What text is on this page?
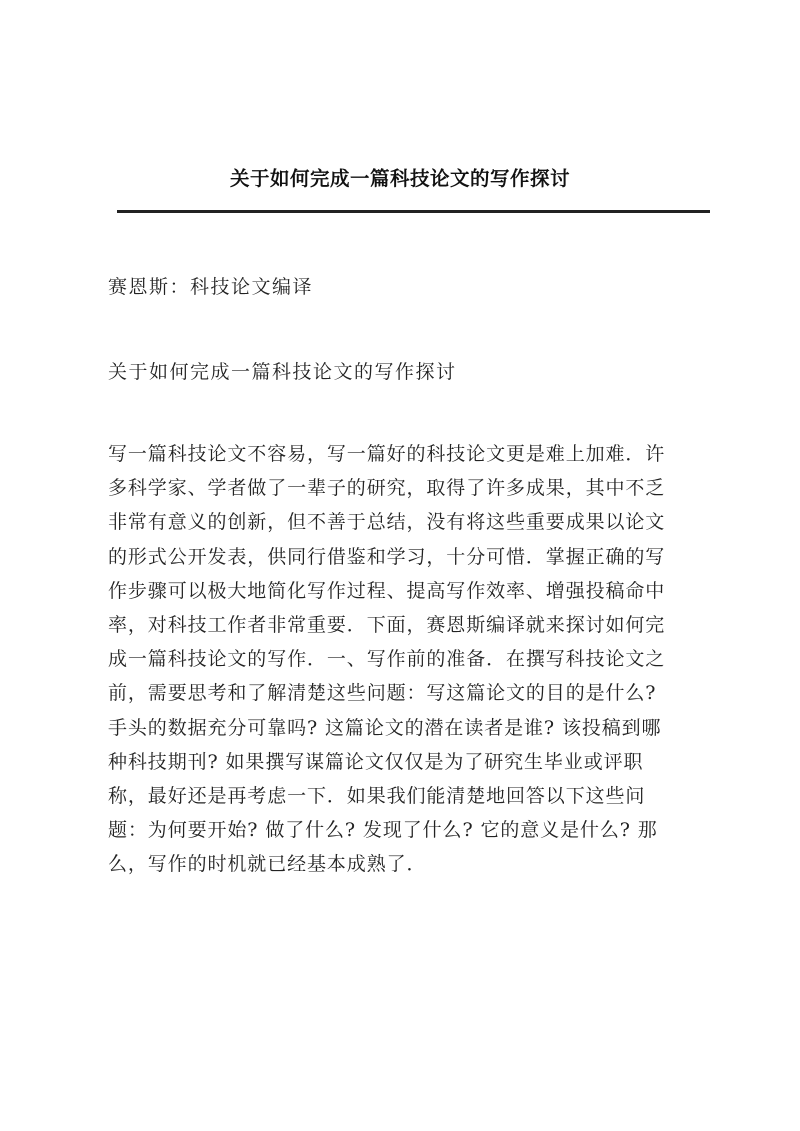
关于如何完成一篇科技论文的写作探讨
赛恩斯：科技论文编译
关于如何完成一篇科技论文的写作探讨
写一篇科技论文不容易，写一篇好的科技论文更是难上加难．许
多科学家、学者做了一辈子的研究，取得了许多成果，其中不乏
非常有意义的创新，但不善于总结，没有将这些重要成果以论文
的形式公开发表，供同行借鉴和学习，十分可惜．掌握正确的写
作步骤可以极大地简化写作过程、提高写作效率、增强投稿命中
率，对科技工作者非常重要．下面，赛恩斯编译就来探讨如何完
成一篇科技论文的写作．一、写作前的准备．在撰写科技论文之
前，需要思考和了解清楚这些问题：写这篇论文的目的是什么?
手头的数据充分可靠吗? 这篇论文的潜在读者是谁? 该投稿到哪
种科技期刊? 如果撰写谋篇论文仅仅是为了研究生毕业或评职
称，最好还是再考虑一下．如果我们能清楚地回答以下这些问
题：为何要开始? 做了什么? 发现了什么? 它的意义是什么? 那
么，写作的时机就已经基本成熟了．
